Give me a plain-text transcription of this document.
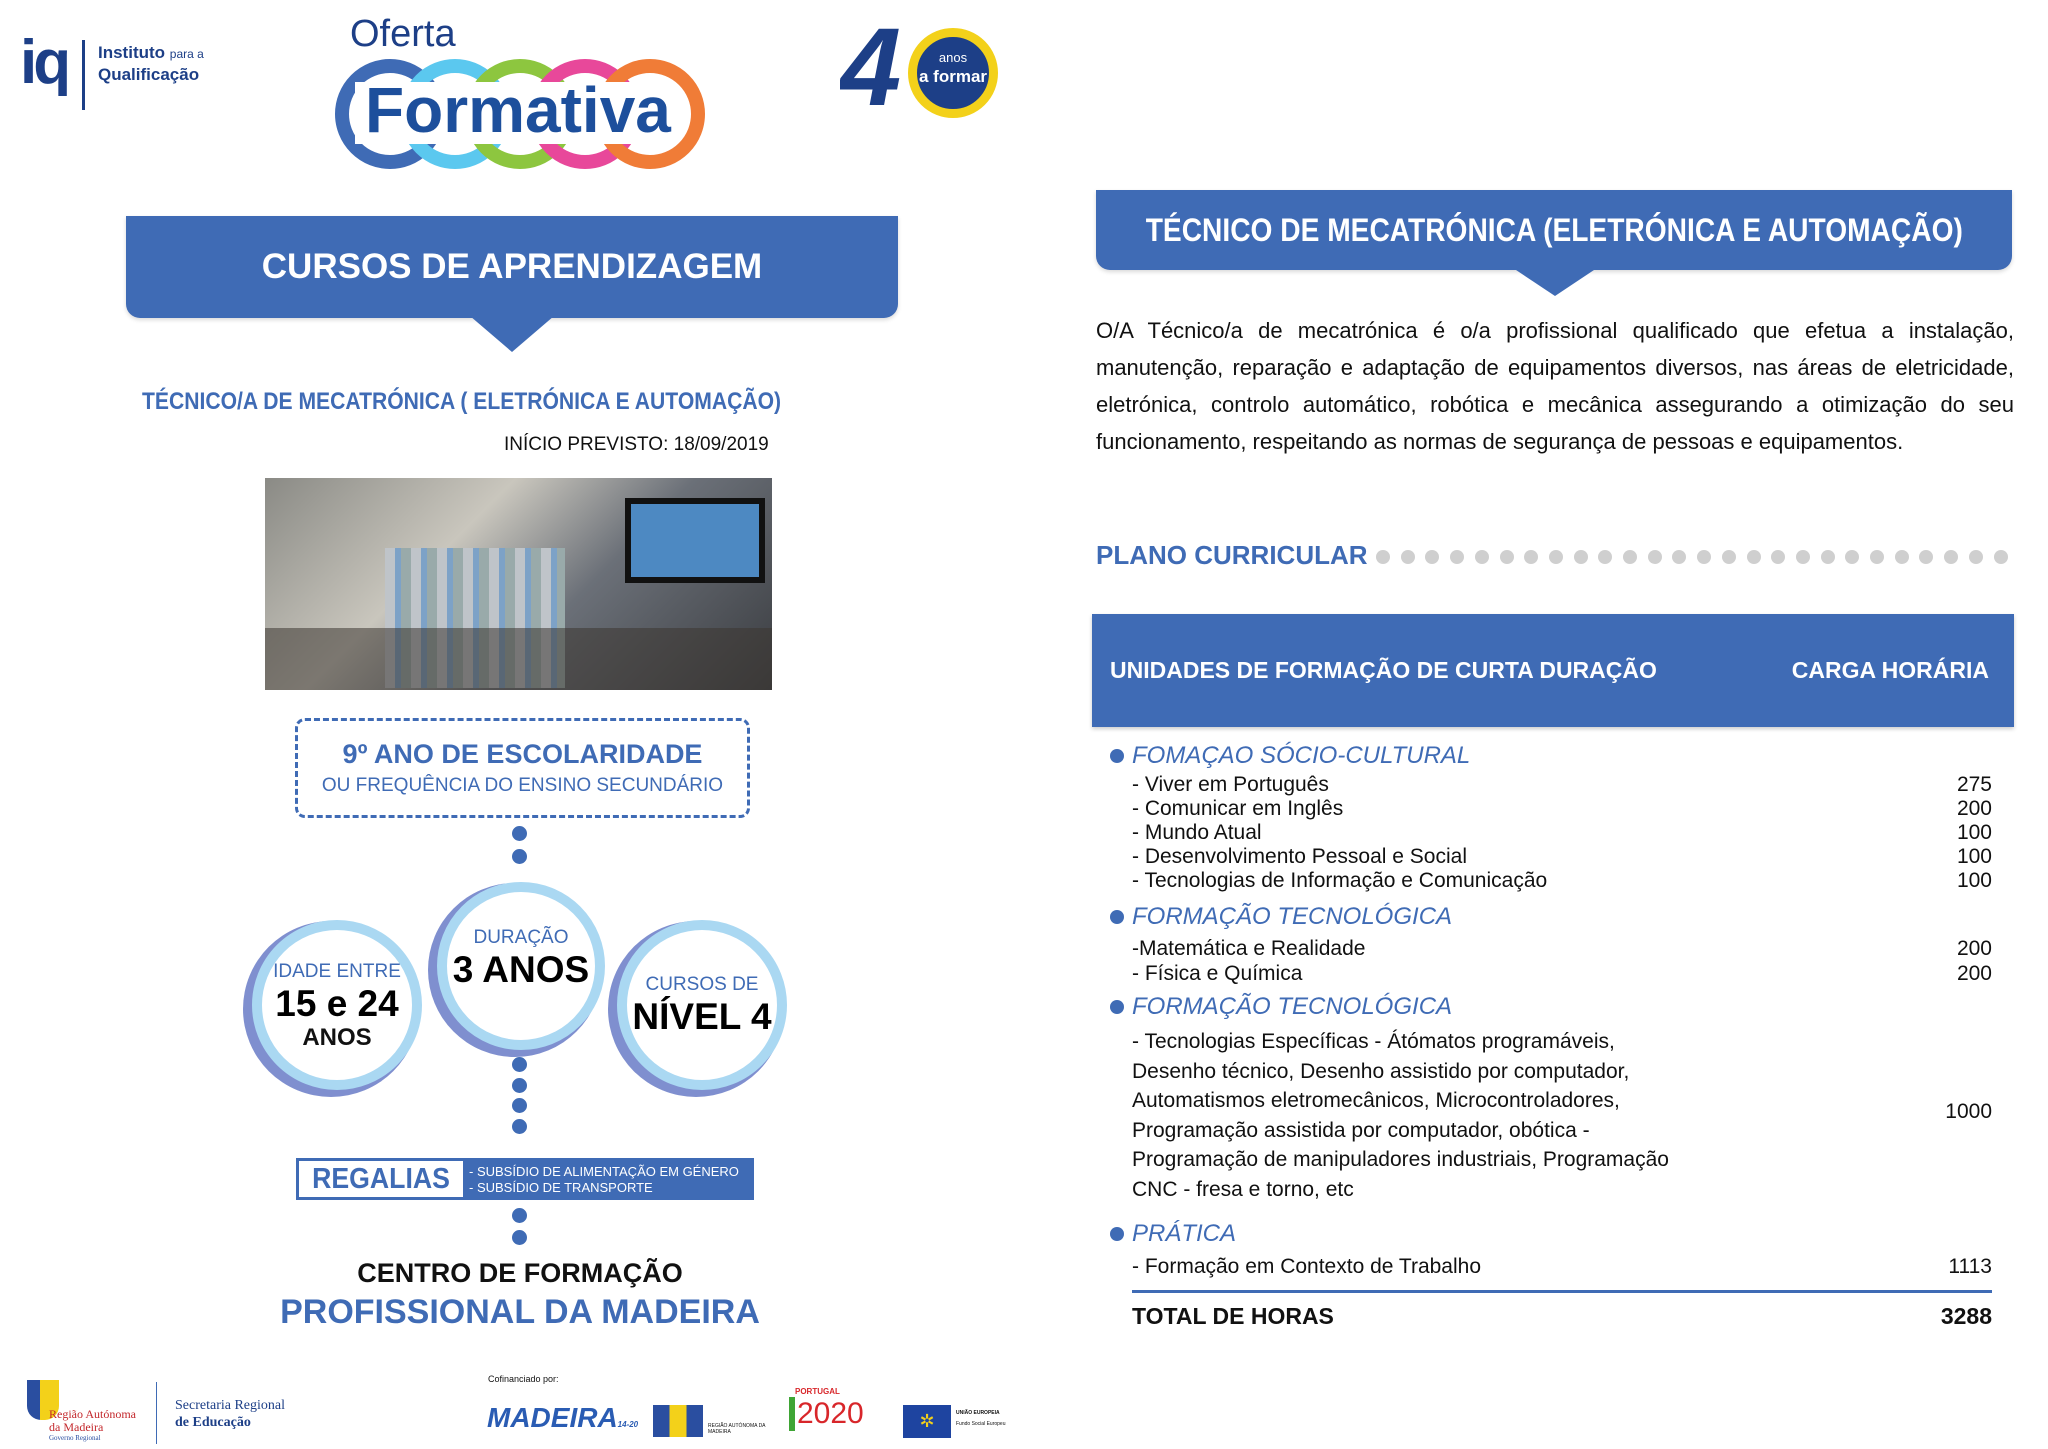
iq Instituto para a
Qualificação
Oferta
Formativa 4	anos
a formar
CURSOS DE APRENDIZAGEM
TÉCNICO/A DE MECATRÓNICA ( ELETRÓNICA E AUTOMAÇÃO)
INÍCIO PREVISTO: 18/09/2019
9º ANO DE ESCOLARIDADE
OU FREQUÊNCIA DO ENSINO SECUNDÁRIO
IDADE ENTRE
15 e 24
ANOS
DURAÇÃO
3 ANOS	CURSOS DE
NÍVEL 4
REGALIAS	- SUBSÍDIO DE ALIMENTAÇÃO EM GÉNERO
- SUBSÍDIO DE TRANSPORTE
CENTRO DE FORMAÇÃO
PROFISSIONAL DA MADEIRA
Região Autónoma
da Madeira
Governo Regional
Secretaria Regional
de Educação
Cofinanciado por:
MADEIRA14-20	REGIÃO AUTÓNOMA DA MADEIRA
PORTUGAL
2020	✲	UNIÃO EUROPEIA
Fundo Social Europeu
TÉCNICO DE MECATRÓNICA (ELETRÓNICA E AUTOMAÇÃO)
O/A Técnico/a de mecatrónica é o/a profissional qualificado que efetua a instalação, manutenção, reparação e adaptação de equipamentos diversos, nas áreas de eletricidade, eletrónica, controlo automático, robótica e mecânica assegurando a otimização do seu funcionamento, respeitando as normas de segurança de pessoas e equipamentos.
PLANO CURRICULAR
UNIDADES DE FORMAÇÃO DE CURTA DURAÇÃO	CARGA HORÁRIA
FOMAÇAO SÓCIO-CULTURAL
- Viver em Português	275
- Comunicar em Inglês	200
- Mundo Atual	100
- Desenvolvimento Pessoal e Social	100
- Tecnologias de Informação e Comunicação	100
FORMAÇÃO TECNOLÓGICA
-Matemática e Realidade	200
- Física e Química	200
FORMAÇÃO TECNOLÓGICA
- Tecnologias Específicas - Átómatos programáveis,
Desenho técnico, Desenho assistido por computador,
Automatismos eletromecânicos, Microcontroladores,
Programação assistida por computador, obótica -
Programação de manipuladores industriais, Programação
CNC - fresa e torno, etc
1000
PRÁTICA
- Formação em Contexto de Trabalho	1113
TOTAL DE HORAS	3288
